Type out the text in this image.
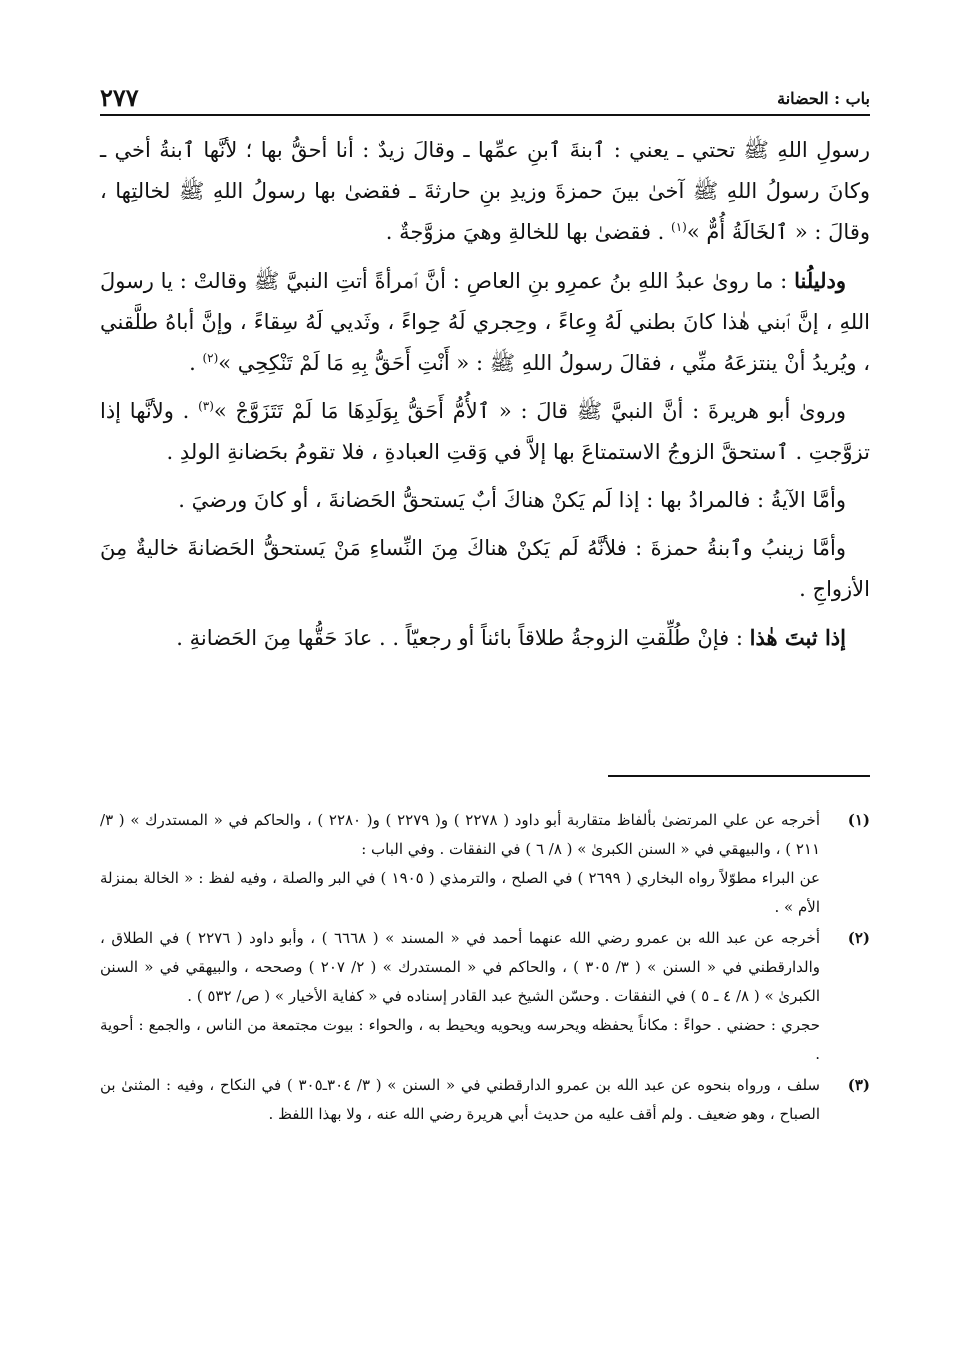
باب : الحضانة
٢٧٧

رسولِ اللهِ ﷺ تحتي ـ يعني : ٱبنةَ ٱبنِ عمِّها ـ وقالَ زيدٌ : أنا أحقُّ بها ؛ لأنَّها ٱبنةُ أخي ـ وكانَ رسولُ اللهِ ﷺ آخىٰ بينَ حمزةَ وزيدِ بنِ حارثةَ ـ فقضىٰ بها رسولُ اللهِ ﷺ لخالتِها ، وقالَ : « ٱلخَالَةُ أُمٌّ »$^{(١)}$ . فقضىٰ بها للخالةِ وهيَ مزوَّجةٌ .

ودليلُنا : ما روىٰ عبدُ اللهِ بنُ عمرِو بنِ العاصِ : أنَّ ٱمرأةً أتتِ النبيَّ ﷺ وقالتْ : يا رسولَ اللهِ ، إنَّ ٱبني هٰذا كانَ بطني لَهُ وِعاءً ، وحِجري لَهُ حِواءً ، وثَديي لَهُ سِقاءً ، وإنَّ أباهُ طلَّقني ، ويُريدُ أنْ ينتزعَهُ منِّي ، فقالَ رسولُ اللهِ ﷺ : « أَنْتِ أَحَقُّ بِهِ مَا لَمْ تَنْكِحِي »$^{(٢)}$ .

وروىٰ أبو هريرةَ : أنَّ النبيَّ ﷺ قالَ : « ٱلأُمُّ أَحَقُّ بِوَلَدِهَا مَا لَمْ تَتَزَوَّجْ »$^{(٣)}$ . ولأنَّها إذا تزوَّجتِ . ٱستحقَّ الزوجُ الاستمتاعَ بها إلاَّ في وَقتِ العبادةِ ، فلا تقومُ بحَضانةِ الولدِ .

وأمَّا الآيةُ : فالمرادُ بها : إذا لَم يَكنْ هناكَ أبٌ يَستحقُّ الحَضانةَ ، أو كانَ ورضيَ .

وأمَّا زينبُ وٱبنةُ حمزةَ : فلأنَّهُ لَم يَكنْ هناكَ مِنَ النِّساءِ مَنْ يَستحقُّ الحَضانةَ خاليةٌ مِنَ الأزواجِ .

إذا ثبتَ هٰذا : فإنْ طُلِّقتِ الزوجةُ طلاقاً بائناً أو رجعيّاً . . عادَ حَقُّها مِنَ الحَضانةِ .

(١)
أخرجه عن علي المرتضىٰ بألفاظ متقاربة أبو داود ( ٢٢٧٨ ) و( ٢٢٧٩ ) و( ٢٢٨٠ ) ، والحاكم في « المستدرك » ( ٣/ ٢١١ ) ، والبيهقي في « السنن الكبرىٰ » ( ٨/ ٦ ) في النفقات . وفي الباب :
عن البراء مطوّلاً رواه البخاري ( ٢٦٩٩ ) في الصلح ، والترمذي ( ١٩٠٥ ) في البر والصلة ، وفيه لفظ : « الخالة بمنزلة الأم » .
(٢)
أخرجه عن عبد الله بن عمرو رضي الله عنهما أحمد في « المسند » ( ٦٦٦٨ ) ، وأبو داود ( ٢٢٧٦ ) في الطلاق ، والدارقطني في « السنن » ( ٣/ ٣٠٥ ) ، والحاكم في « المستدرك » ( ٢/ ٢٠٧ ) وصححه ، والبيهقي في « السنن الكبرىٰ » ( ٨/ ٤ ـ ٥ ) في النفقات . وحسّن الشيخ عبد القادر إسناده في « كفاية الأخيار » ( ص/ ٥٣٢ ) .
حجري : حضني . حواءً : مكاناً يحفظه ويحرسه ويحويه ويحيط به ، والحواء : بيوت مجتمعة من الناس ، والجمع : أحوية .
(٣)
سلف ، ورواه بنحوه عن عبد الله بن عمرو الدارقطني في « السنن » ( ٣/ ٣٠٤ـ٣٠٥ ) في النكاح ، وفيه : المثنىٰ بن الصباح ، وهو ضعيف . ولم أقف عليه من حديث أبي هريرة رضي الله عنه ، ولا بهذا اللفظ .
